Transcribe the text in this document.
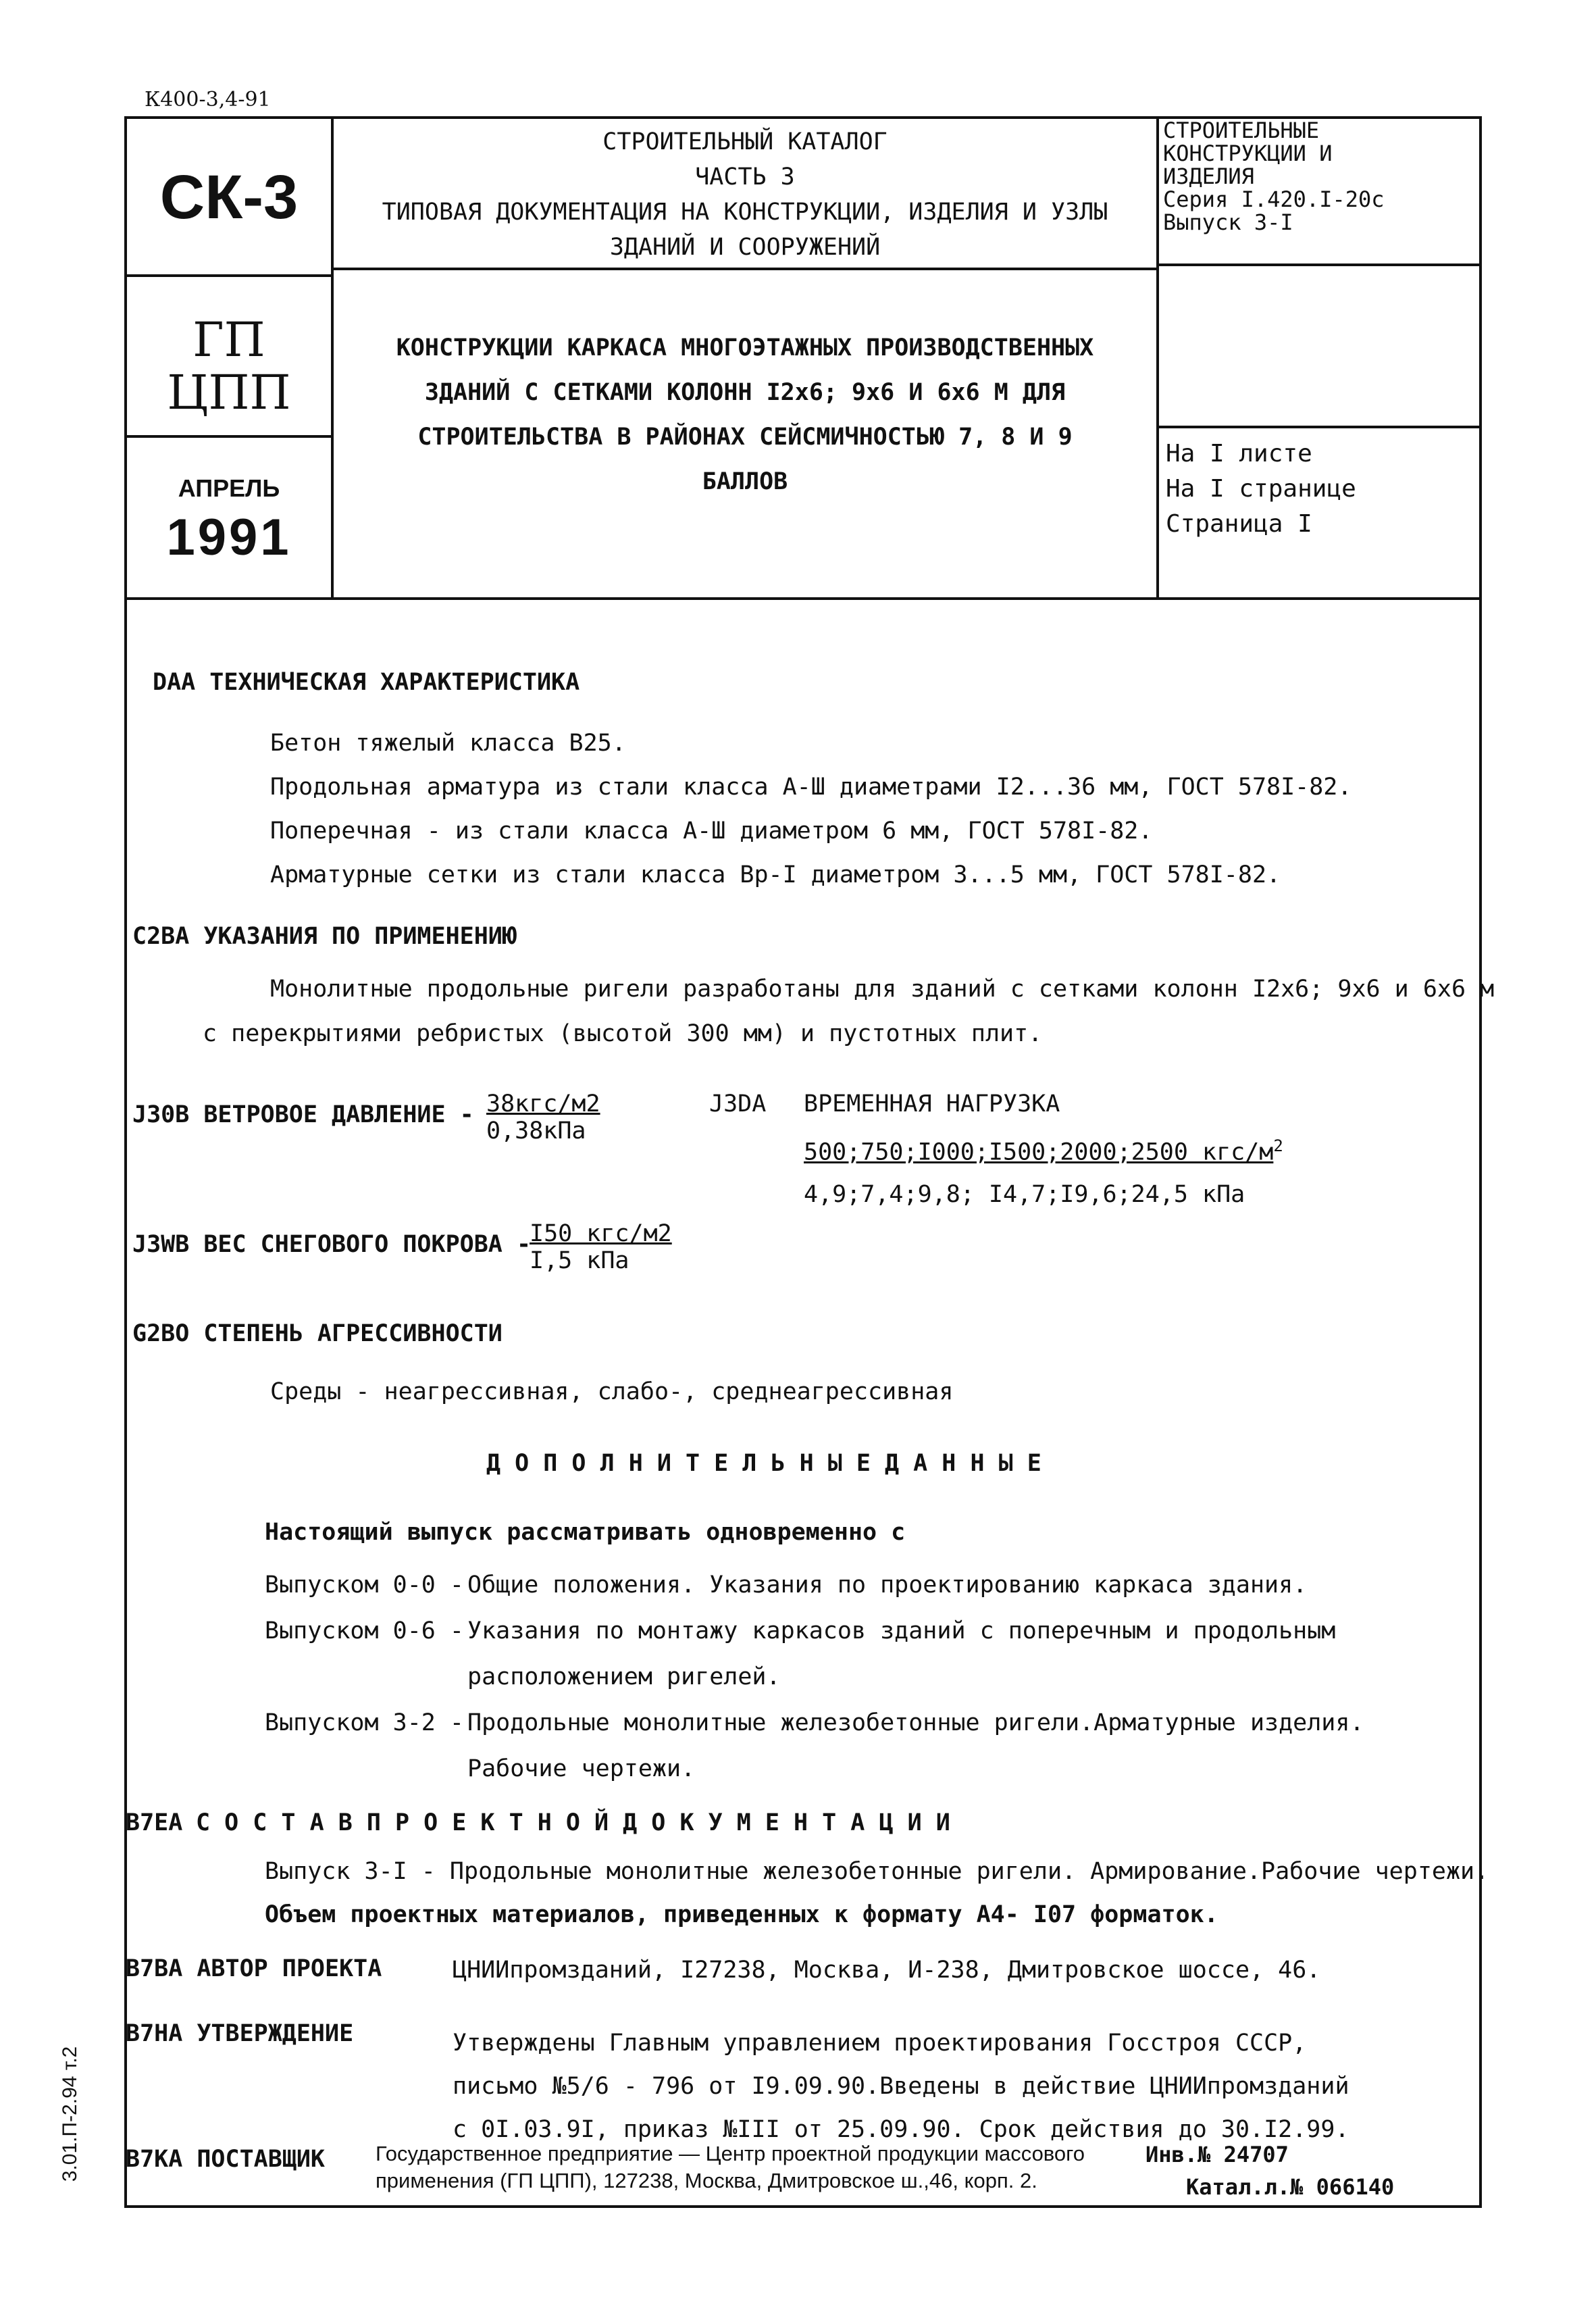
К400-3,4-91
СК-3
ГП
ЦПП
АПРЕЛЬ
1991
СТРОИТЕЛЬНЫЙ КАТАЛОГ
ЧАСТЬ 3
ТИПОВАЯ ДОКУМЕНТАЦИЯ НА КОНСТРУКЦИИ, ИЗДЕЛИЯ И УЗЛЫ
ЗДАНИЙ И СООРУЖЕНИЙ
КОНСТРУКЦИИ КАРКАСА МНОГОЭТАЖНЫХ ПРОИЗВОДСТВЕННЫХ
ЗДАНИЙ С СЕТКАМИ КОЛОНН I2х6; 9х6 И 6х6 М ДЛЯ
СТРОИТЕЛЬСТВА В РАЙОНАХ СЕЙСМИЧНОСТЬЮ 7, 8 И 9
БАЛЛОВ
СТРОИТЕЛЬНЫЕ
КОНСТРУКЦИИ И
ИЗДЕЛИЯ
Серия I.420.I-20с
Выпуск 3-I
На I листе
На I странице
Страница I
DAA ТЕХНИЧЕСКАЯ ХАРАКТЕРИСТИКА
Бетон тяжелый класса В25.
Продольная арматура из стали класса А-Ш диаметрами I2...36 мм, ГОСТ 578I-82.
Поперечная - из стали класса А-Ш диаметром 6 мм, ГОСТ 578I-82.
Арматурные сетки из стали класса Вр-I диаметром 3...5 мм, ГОСТ 578I-82.
C2BA УКАЗАНИЯ ПО ПРИМЕНЕНИЮ
Монолитные продольные ригели разработаны для зданий с сетками колонн I2х6; 9х6 и 6х6 м
с перекрытиями ребристых (высотой 300 мм) и пустотных плит.
J30B ВЕТРОВОЕ ДАВЛЕНИЕ - 38кгс/м2
0,38кПа
J3DA ВРЕМЕННАЯ НАГРУЗКА
500;750;I000;I500;2000;2500 кгс/$м^2$
4,9;7,4;9,8; I4,7;I9,6;24,5 кПа
J3WB ВЕС СНЕГОВОГО ПОКРОВА -
I50 кгс/м2
I,5 кПа
G2BO СТЕПЕНЬ АГРЕССИВНОСТИ
Среды - неагрессивная, слабо-, среднеагрессивная
Д О П О Л Н И Т Е Л Ь Н Ы Е Д А Н Н Ы Е
Настоящий выпуск рассматривать одновременно с
Выпуском 0-0 - Общие положения. Указания по проектированию каркаса здания.
Выпуском 0-6 - Указания по монтажу каркасов зданий с поперечным и продольным
расположением ригелей.
Выпуском 3-2 - Продольные монолитные железобетонные ригели.Арматурные изделия.
Рабочие чертежи.
B7EA С О С Т А В П Р О Е К Т Н О Й Д О К У М Е Н Т А Ц И И
Выпуск 3-I - Продольные монолитные железобетонные ригели. Армирование.Рабочие чертежи.
Объем проектных материалов, приведенных к формату А4- I07 форматок.
B7BA АВТОР ПРОЕКТА	ЦНИИпромзданий, I27238, Москва, И-238, Дмитровское шоссе, 46.
B7HA УТВЕРЖДЕНИЕ	Утверждены Главным управлением проектирования Госстроя СССР,
письмо №5/6 - 796 от I9.09.90.Введены в действие ЦНИИпромзданий
с 0I.03.9I, приказ №III от 25.09.90. Срок действия до 30.I2.99.
B7KA ПОСТАВЩИК Государственное предприятие — Центр проектной продукции массового
применения (ГП ЦПП), 127238, Москва, Дмитровское ш.,46, корп. 2.
Инв.№ 24707
Катал.л.№ 066140
3.01.П-2.94 т.2
